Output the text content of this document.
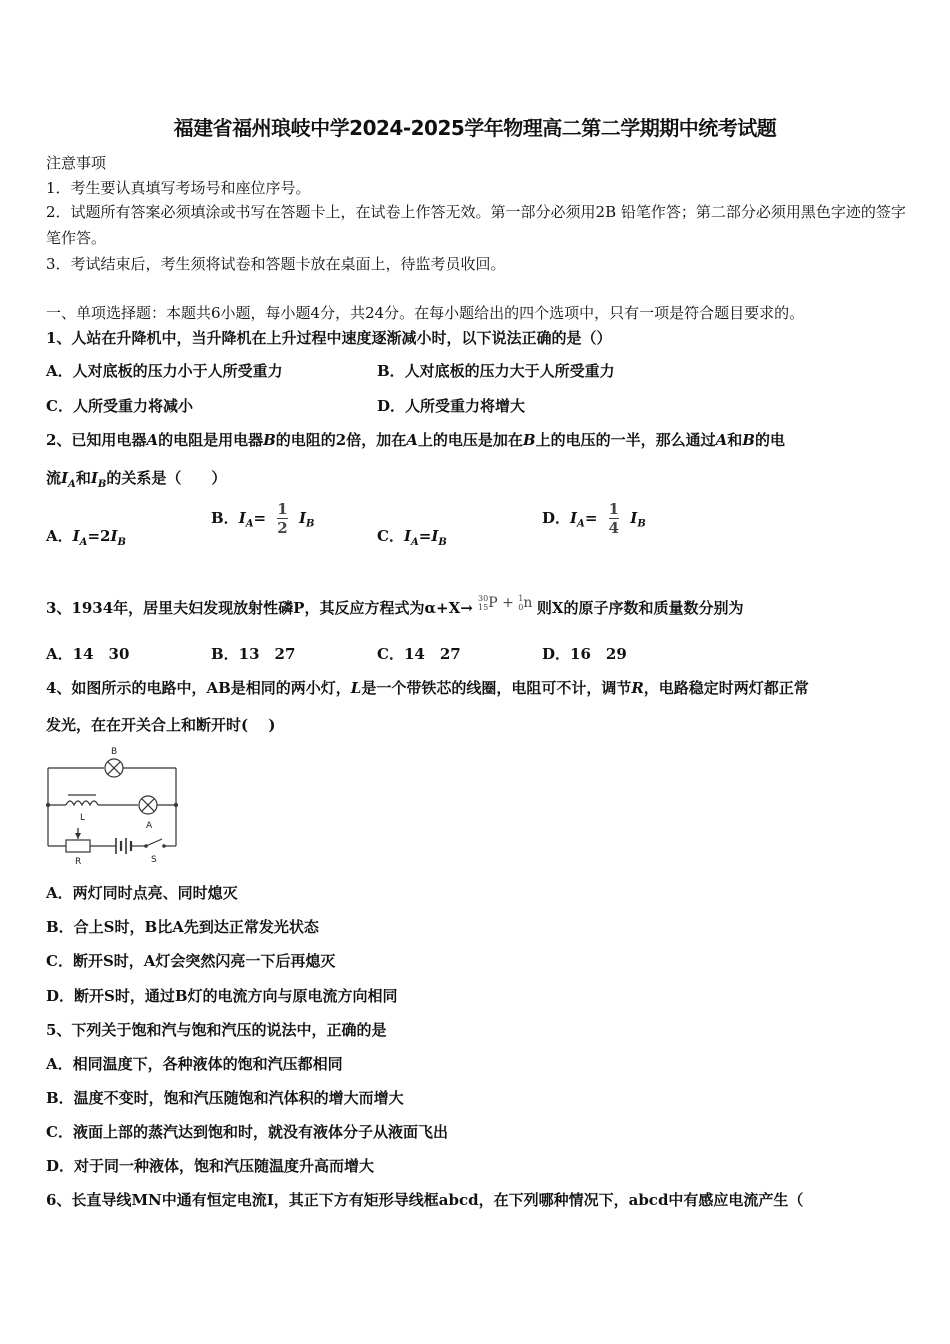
福建省福州琅岐中学2024-2025学年物理高二第二学期期中统考试题
注意事项
1．考生要认真填写考场号和座位序号。
2．试题所有答案必须填涂或书写在答题卡上，在试卷上作答无效。第一部分必须用2B 铅笔作答；第二部分必须用黑色字迹的签字笔作答。
3．考试结束后，考生须将试卷和答题卡放在桌面上，待监考员收回。
一、单项选择题：本题共6小题，每小题4分，共24分。在每小题给出的四个选项中，只有一项是符合题目要求的。
1、人站在升降机中，当升降机在上升过程中速度逐渐减小时，以下说法正确的是（）
A．人对底板的压力小于人所受重力	B．人对底板的压力大于人所受重力
C．人所受重力将减小	D．人所受重力将增大
2、已知用电器A的电阻是用电器B的电阻的2倍，加在A上的电压是加在B上的电压的一半，那么通过A和B的电
流$I_A$和$I_B$的关系是（　　）
A．$I_A=2I_B$
B．$I_A= \frac{1}{2} I_B$
C．$I_A=I_B$
D．$I_A= \frac{1}{4} I_B$
3、1934年，居里夫妇发现放射性磷P，其反应方程式为α+X→
30
15 P + 1
0 n 则X的原子序数和质量数分别为
A．14　30	B．13　27	C．14　27	D．16　29
4、如图所示的电路中，AB是相同的两小灯，L是一个带铁芯的线圈，电阻可不计，调节R，电路稳定时两灯都正常
发光，在在开关合上和断开时(　 )
B
L
A
R	S
A．两灯同时点亮、同时熄灭
B．合上S时，B比A先到达正常发光状态
C．断开S时，A灯会突然闪亮一下后再熄灭
D．断开S时，通过B灯的电流方向与原电流方向相同
5、下列关于饱和汽与饱和汽压的说法中，正确的是
A．相同温度下，各种液体的饱和汽压都相同
B．温度不变时，饱和汽压随饱和汽体积的增大而增大
C．液面上部的蒸汽达到饱和时，就没有液体分子从液面飞出
D．对于同一种液体，饱和汽压随温度升高而增大
6、长直导线MN中通有恒定电流I，其正下方有矩形导线框abcd，在下列哪种情况下，abcd中有感应电流产生（
